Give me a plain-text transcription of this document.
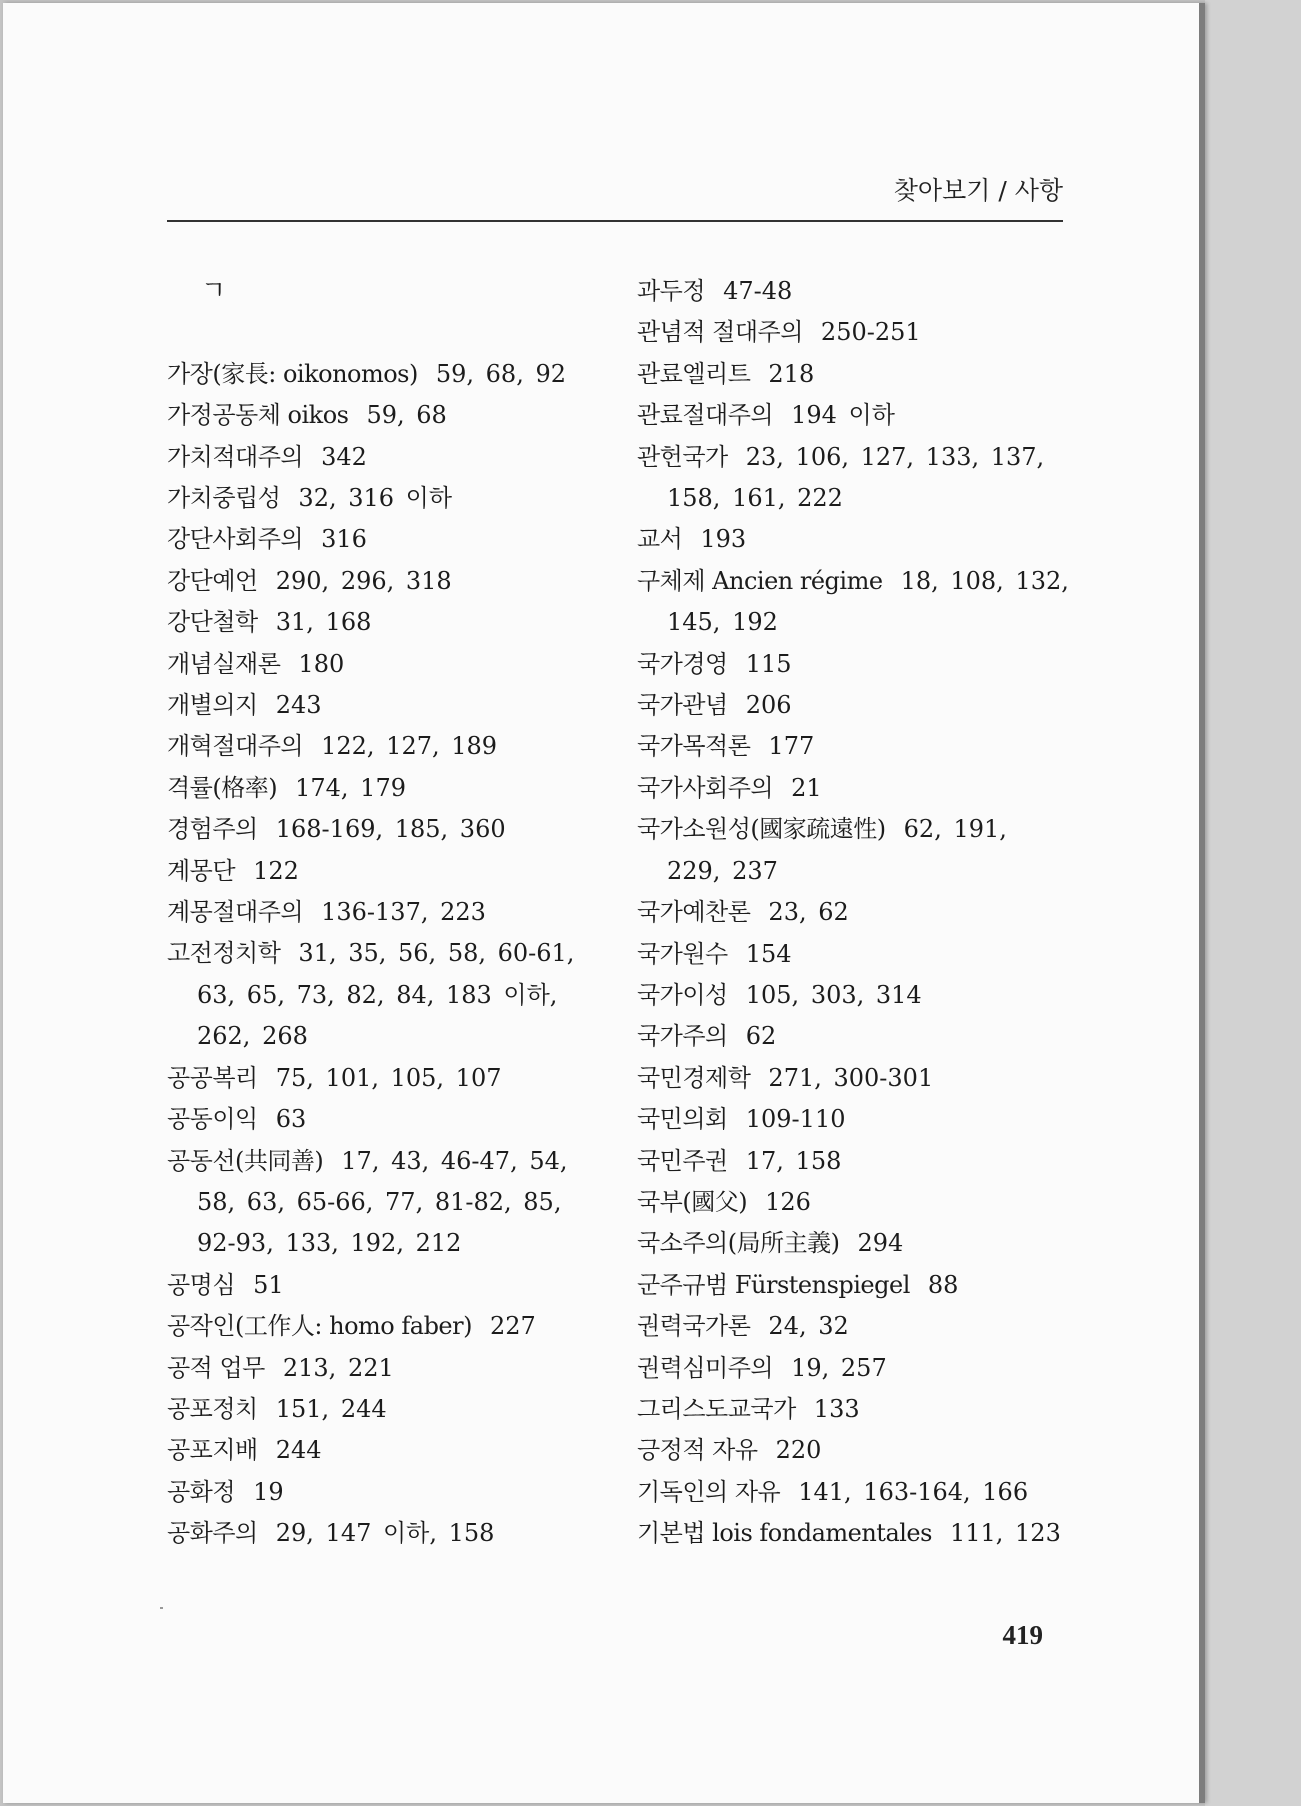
찾아보기 / 사항
ㄱ
가장(家長: oikonomos) 59, 68, 92
가정공동체 oikos 59, 68
가치적대주의 342
가치중립성 32, 316 이하
강단사회주의 316
강단예언 290, 296, 318
강단철학 31, 168
개념실재론 180
개별의지 243
개혁절대주의 122, 127, 189
격률(格率) 174, 179
경험주의 168-169, 185, 360
계몽단 122
계몽절대주의 136-137, 223
고전정치학 31, 35, 56, 58, 60-61,
63, 65, 73, 82, 84, 183 이하,
262, 268
공공복리 75, 101, 105, 107
공동이익 63
공동선(共同善) 17, 43, 46-47, 54,
58, 63, 65-66, 77, 81-82, 85,
92-93, 133, 192, 212
공명심 51
공작인(工作人: homo faber) 227
공적 업무 213, 221
공포정치 151, 244
공포지배 244
공화정 19
공화주의 29, 147 이하, 158
과두정 47-48
관념적 절대주의 250-251
관료엘리트 218
관료절대주의 194 이하
관헌국가 23, 106, 127, 133, 137,
158, 161, 222
교서 193
구체제 Ancien régime 18, 108, 132,
145, 192
국가경영 115
국가관념 206
국가목적론 177
국가사회주의 21
국가소원성(國家疏遠性) 62, 191,
229, 237
국가예찬론 23, 62
국가원수 154
국가이성 105, 303, 314
국가주의 62
국민경제학 271, 300-301
국민의회 109-110
국민주권 17, 158
국부(國父) 126
국소주의(局所主義) 294
군주규범 Fürstenspiegel 88
권력국가론 24, 32
권력심미주의 19, 257
그리스도교국가 133
긍정적 자유 220
기독인의 자유 141, 163-164, 166
기본법 lois fondamentales 111, 123
419
